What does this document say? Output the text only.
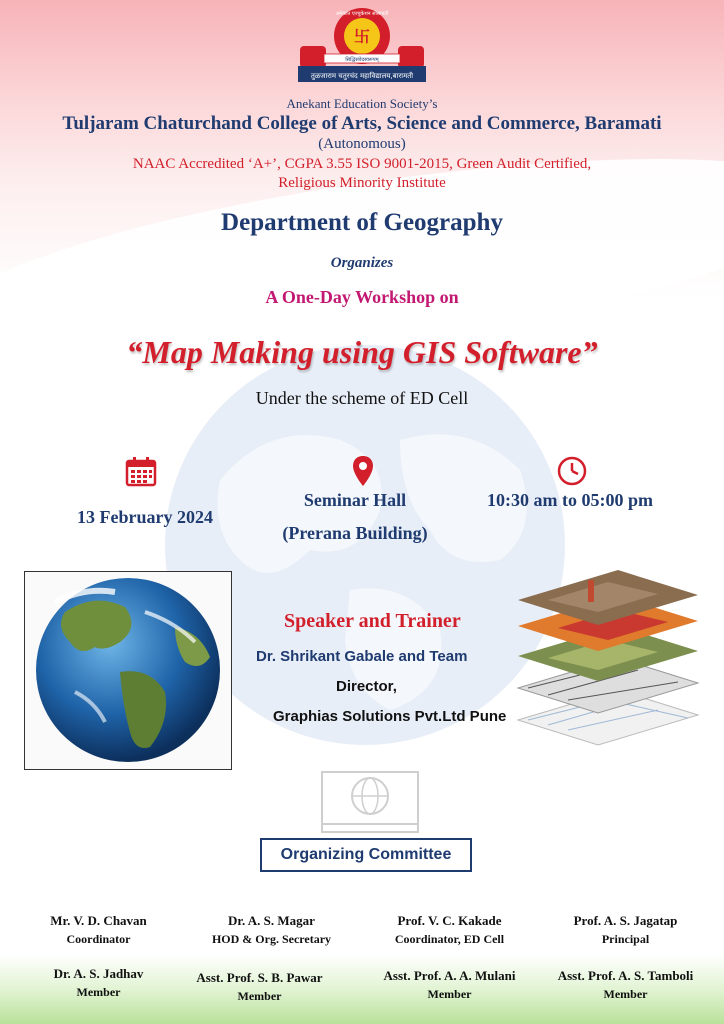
卐
अनेकांत एज्युकेशन सोसायटी
सिद्धिसंवेदस्वरूपम्
तुळजाराम चतुरचंद महाविद्यालय,बारामती
Anekant Education Society’s
Tuljaram Chaturchand College of Arts, Science and Commerce, Baramati
(Autonomous)
NAAC Accredited ‘A+’, CGPA 3.55 ISO 9001-2015, Green Audit Certified,
Religious Minority Institute
Department of Geography
Organizes
A One-Day Workshop on
“Map Making using GIS Software”
Under the scheme of ED Cell
13 February 2024
Seminar Hall
(Prerana Building)
10:30 am to 05:00 pm
Speaker and Trainer
Dr. Shrikant Gabale and Team
Director,
Graphias Solutions Pvt.Ltd Pune
Organizing Committee
Mr. V. D. Chavan
Coordinator
Dr. A. S. Magar
HOD & Org. Secretary
Prof. V. C. Kakade
Coordinator, ED Cell
Prof. A. S. Jagatap
Principal
Dr. A. S. Jadhav
Member
Asst. Prof. S. B. Pawar
Member
Asst. Prof. A. A. Mulani
Member
Asst. Prof. A. S. Tamboli
Member
